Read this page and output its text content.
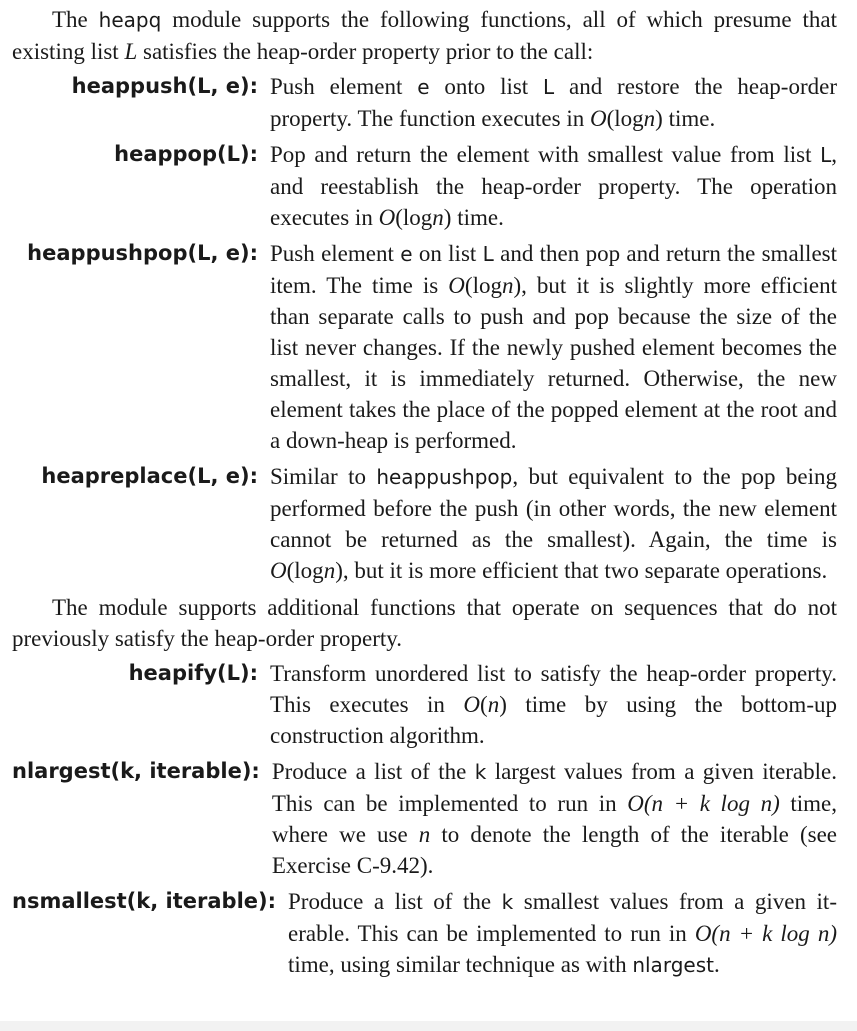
The heapq module supports the following functions, all of which presume that existing list L satisfies the heap-order property prior to the call:

heappush(L, e): Push element e onto list L and restore the heap-order property. The function executes in O(logn) time.
heappop(L): Pop and return the element with smallest value from list L, and reestablish the heap-order property. The operation executes in O(logn) time.
heappushpop(L, e): Push element e on list L and then pop and return the smallest item. The time is O(logn), but it is slightly more efficient than separate calls to push and pop because the size of the list never changes. If the newly pushed element becomes the smallest, it is immediately returned. Otherwise, the new element takes the place of the popped element at the root and a down-heap is performed.
heapreplace(L, e): Similar to heappushpop, but equivalent to the pop being performed before the push (in other words, the new element cannot be returned as the smallest). Again, the time is O(logn), but it is more efficient that two separate operations.

The module supports additional functions that operate on sequences that do not previously satisfy the heap-order property.

heapify(L): Transform unordered list to satisfy the heap-order property. This executes in O(n) time by using the bottom-up construction algorithm.
nlargest(k, iterable): Produce a list of the k largest values from a given iterable. This can be implemented to run in O(n + k log n) time, where we use n to denote the length of the iterable (see Exercise C-9.42).
nsmallest(k, iterable): Produce a list of the k smallest values from a given iterable. This can be implemented to run in O(n + k log n) time, using similar technique as with nlargest.
